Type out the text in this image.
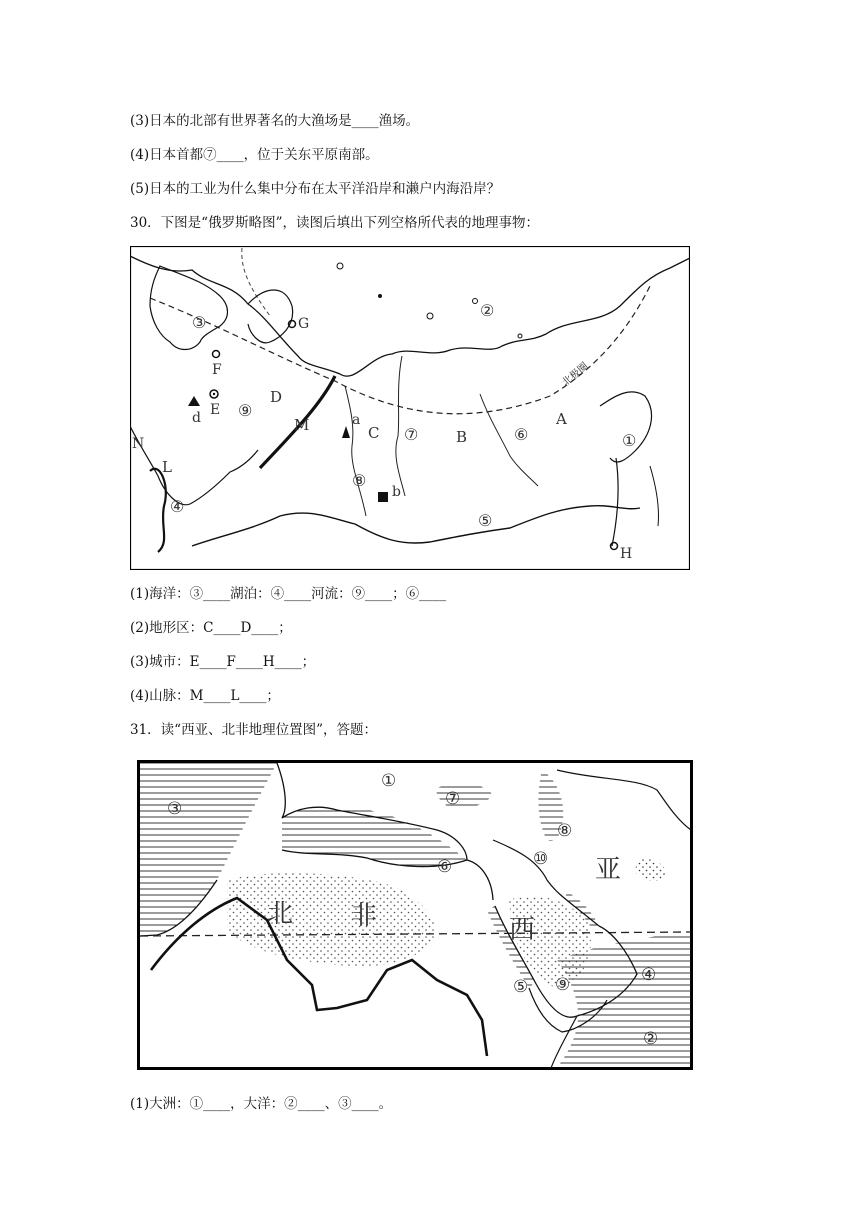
(3)日本的北部有世界著名的大渔场是____渔场。
(4)日本首都⑦____，位于关东平原南部。
(5)日本的工业为什么集中分布在太平洋沿岸和濑户内海沿岸？
30．下图是“俄罗斯略图”，读图后填出下列空格所代表的地理事物：
③
②
①
④
⑤
⑥
⑦
⑧
⑨	A
B
C
D
E
F
G
H
L
M
N
a
b
d
北极圈
(1)海洋：③____湖泊：④____河流：⑨____；⑥____
(2)地形区：C____D____；
(3)城市：E____F____H____；
(4)山脉：M____L____；
31．读“西亚、北非地理位置图”，答题：
①
②
③
④
⑤
⑥
⑦
⑧
⑨
⑩
北 非	西
亚
(1)大洲：①____，大洋：②____、③____。
